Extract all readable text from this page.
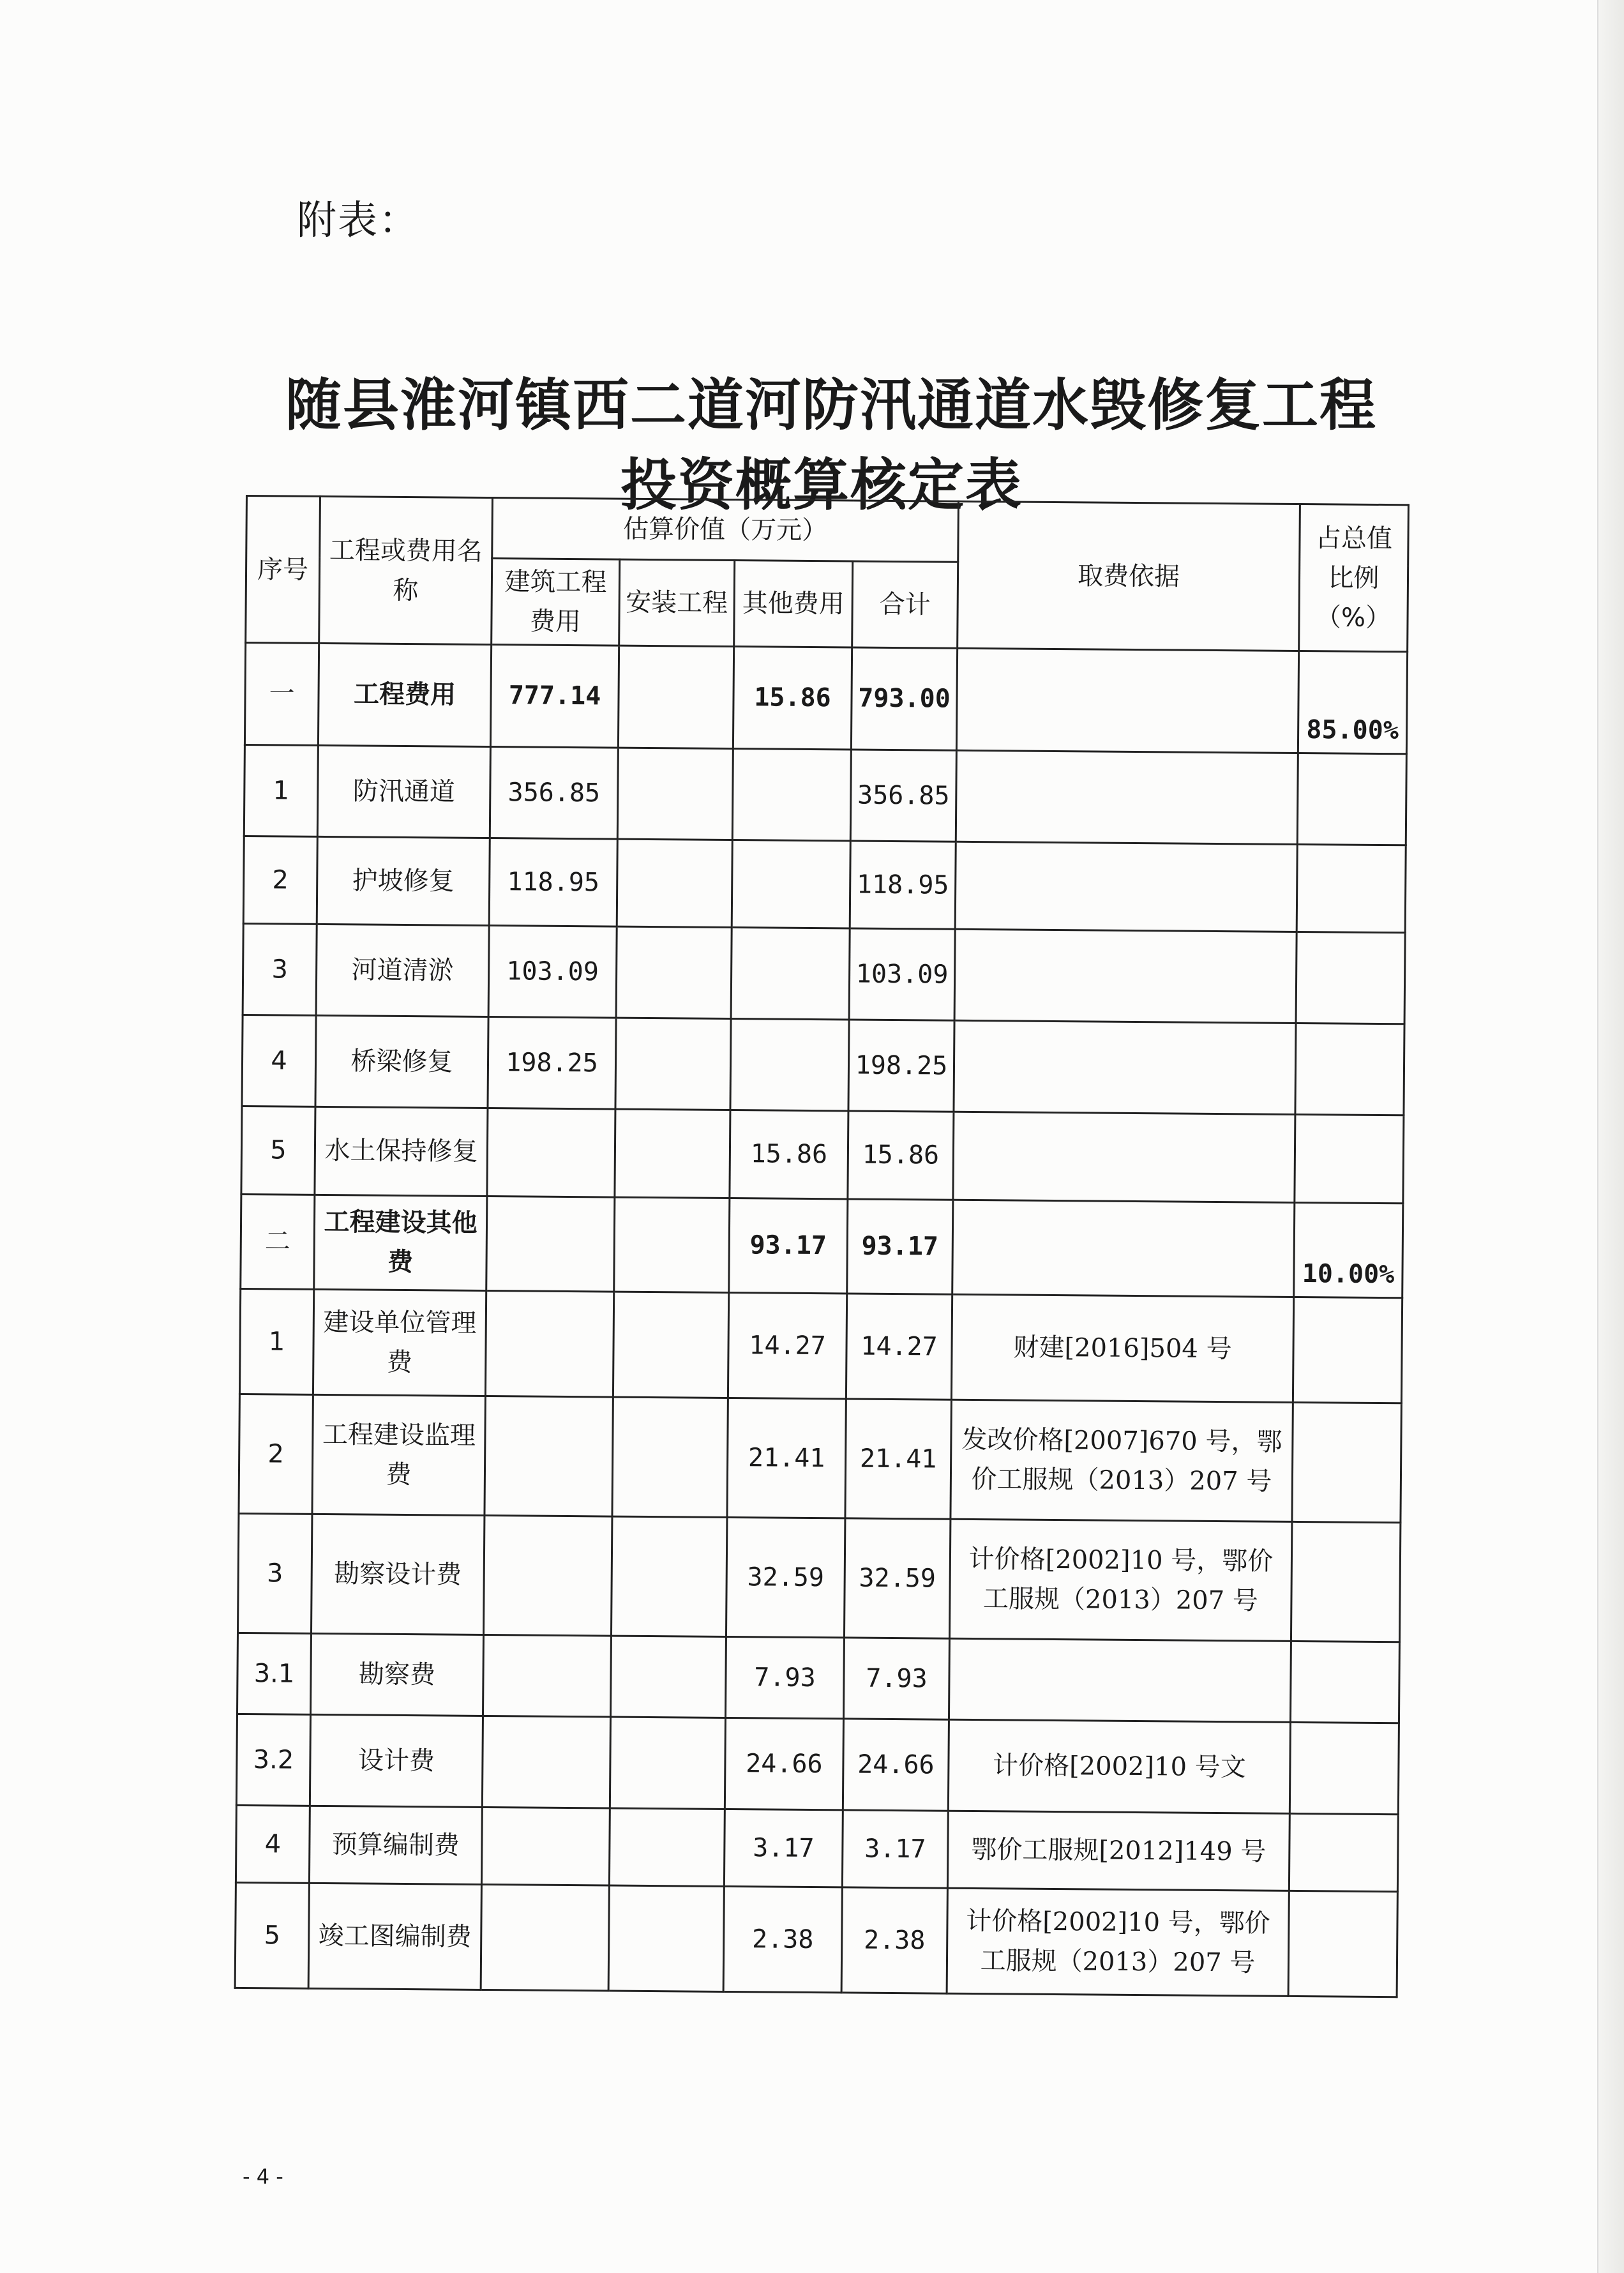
附表：
随县淮河镇西二道河防汛通道水毁修复工程
投资概算核定表
序号	工程或费用名称	估算价值（万元）				取费依据	占总值比例（%）
		建筑工程费用	安装工程	其他费用	合计		
一	工程费用	777.14		15.86	793.00		85.00%
1	防汛通道	356.85			356.85		
2	护坡修复	118.95			118.95		
3	河道清淤	103.09			103.09		
4	桥梁修复	198.25			198.25		
5	水土保持修复			15.86	15.86		
二	工程建设其他费			93.17	93.17		10.00%
1	建设单位管理费			14.27	14.27	财建[2016]504 号	
2	工程建设监理费			21.41	21.41	发改价格[2007]670 号，鄂价工服规（2013）207 号	
3	勘察设计费			32.59	32.59	计价格[2002]10 号，鄂价工服规（2013）207 号	
3.1	勘察费			7.93	7.93		
3.2	设计费			24.66	24.66	计价格[2002]10 号文	
4	预算编制费			3.17	3.17	鄂价工服规[2012]149 号	
5	竣工图编制费			2.38	2.38	计价格[2002]10 号，鄂价工服规（2013）207 号	
- 4 -
